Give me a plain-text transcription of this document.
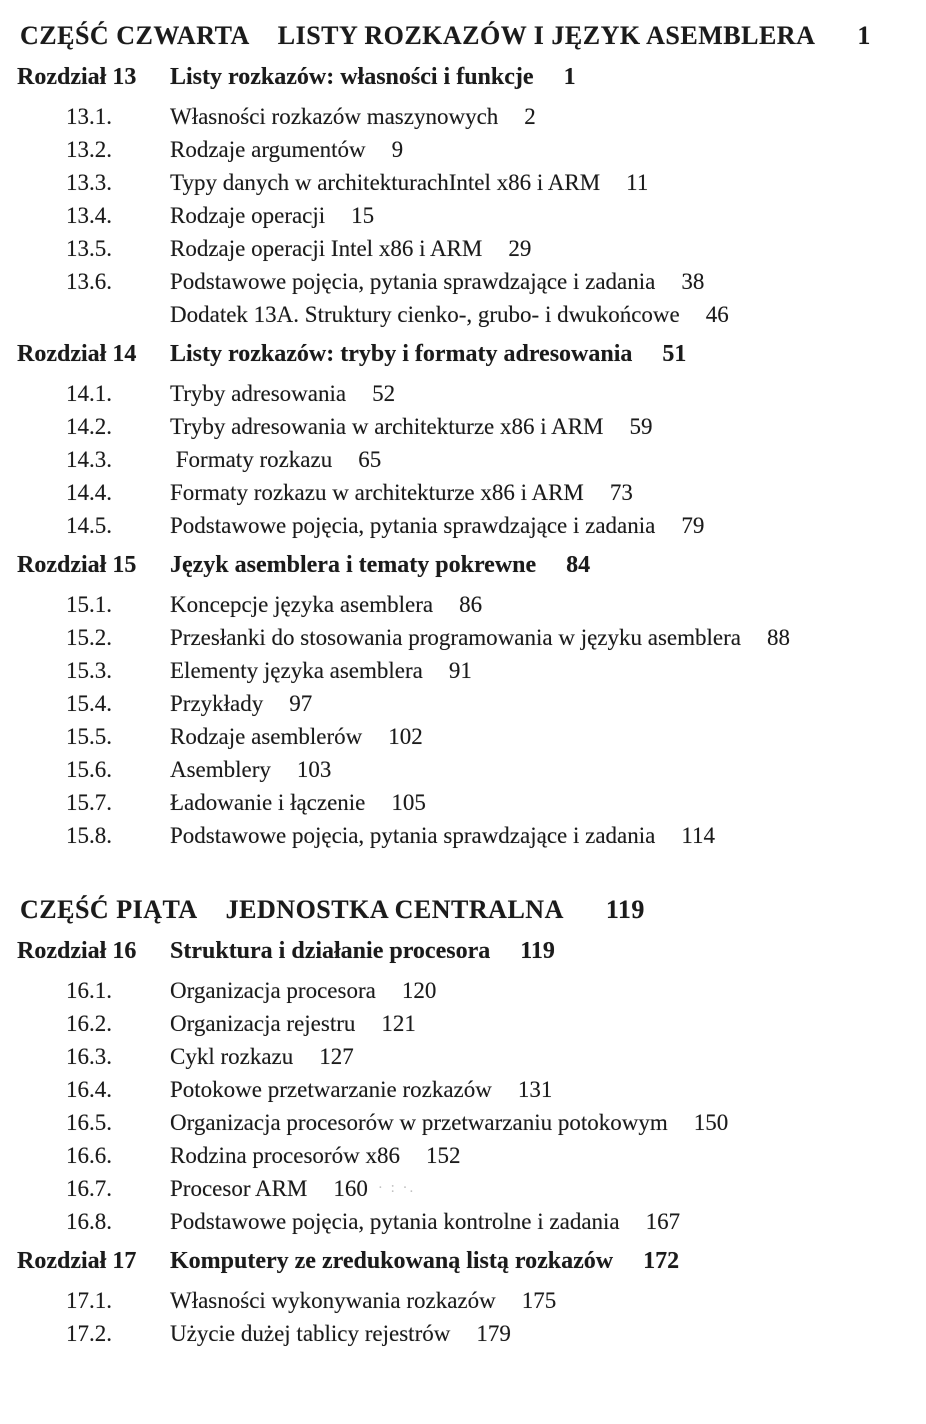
CZĘŚĆ CZWARTA LISTY ROZKAZÓW I JĘZYK ASEMBLERA 1
Rozdział 13	Listy rozkazów: własności i funkcje 1
13.1.	Własności rozkazów maszynowych 2
13.2.	Rodzaje argumentów 9
13.3.	Typy danych w architekturachIntel x86 i ARM 11
13.4.	Rodzaje operacji 15
13.5.	Rodzaje operacji Intel x86 i ARM 29
13.6.	Podstawowe pojęcia, pytania sprawdzające i zadania 38
Dodatek 13A. Struktury cienko-, grubo- i dwukońcowe 46
Rozdział 14	Listy rozkazów: tryby i formaty adresowania 51
14.1.	Tryby adresowania 52
14.2.	Tryby adresowania w architekturze x86 i ARM 59
14.3.	Formaty rozkazu 65
14.4.	Formaty rozkazu w architekturze x86 i ARM 73
14.5.	Podstawowe pojęcia, pytania sprawdzające i zadania 79
Rozdział 15	Język asemblera i tematy pokrewne 84
15.1.	Koncepcje języka asemblera 86
15.2.	Przesłanki do stosowania programowania w języku asemblera 88
15.3.	Elementy języka asemblera 91
15.4.	Przykłady 97
15.5.	Rodzaje asemblerów 102
15.6.	Asemblery 103
15.7.	Ładowanie i łączenie 105
15.8.	Podstawowe pojęcia, pytania sprawdzające i zadania 114
CZĘŚĆ PIĄTA JEDNOSTKA CENTRALNA 119
Rozdział 16	Struktura i działanie procesora 119
16.1.	Organizacja procesora 120
16.2.	Organizacja rejestru 121
16.3.	Cykl rozkazu 127
16.4.	Potokowe przetwarzanie rozkazów 131
16.5.	Organizacja procesorów w przetwarzaniu potokowym 150
16.6.	Rodzina procesorów x86 152
16.7.	Procesor ARM 160 · : ·.
16.8.	Podstawowe pojęcia, pytania kontrolne i zadania 167
Rozdział 17	Komputery ze zredukowaną listą rozkazów 172
17.1.	Własności wykonywania rozkazów 175
17.2.	Użycie dużej tablicy rejestrów 179
